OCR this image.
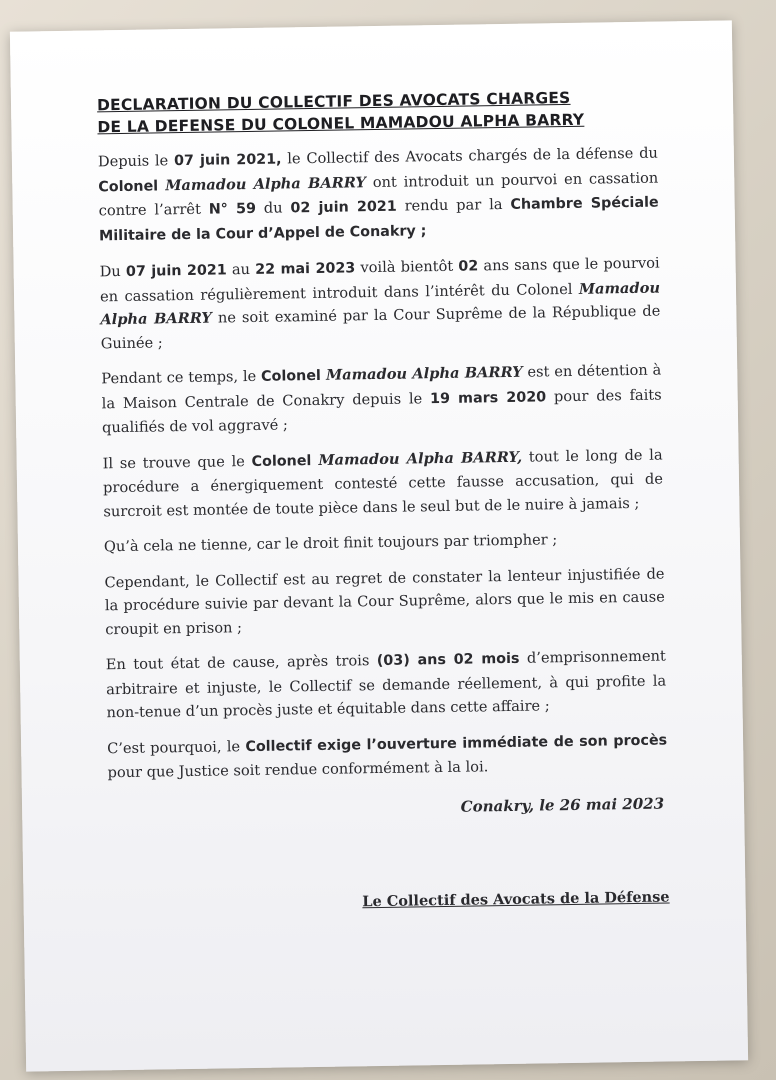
DECLARATION DU COLLECTIF DES AVOCATS CHARGES
DE LA DEFENSE DU COLONEL MAMADOU ALPHA BARRY

Depuis le 07 juin 2021, le Collectif des Avocats chargés de la défense du Colonel Mamadou Alpha BARRY ont introduit un pourvoi en cassation contre l’arrêt N° 59 du 02 juin 2021 rendu par la Chambre Spéciale Militaire de la Cour d’Appel de Conakry ;

Du 07 juin 2021 au 22 mai 2023 voilà bientôt 02 ans sans que le pourvoi en cassation régulièrement introduit dans l’intérêt du Colonel Mamadou Alpha BARRY ne soit examiné par la Cour Suprême de la République de Guinée ;

Pendant ce temps, le Colonel Mamadou Alpha BARRY est en détention à la Maison Centrale de Conakry depuis le 19 mars 2020 pour des faits qualifiés de vol aggravé ;

Il se trouve que le Colonel Mamadou Alpha BARRY, tout le long de la procédure a énergiquement contesté cette fausse accusation, qui de surcroit est montée de toute pièce dans le seul but de le nuire à jamais ;

Qu’à cela ne tienne, car le droit finit toujours par triompher ;

Cependant, le Collectif est au regret de constater la lenteur injustifiée de la procédure suivie par devant la Cour Suprême, alors que le mis en cause croupit en prison ;

En tout état de cause, après trois (03) ans 02 mois d’emprisonnement arbitraire et injuste, le Collectif se demande réellement, à qui profite la non-tenue d’un procès juste et équitable dans cette affaire ;

C’est pourquoi, le Collectif exige l’ouverture immédiate de son procès pour que Justice soit rendue conformément à la loi.

Conakry, le 26 mai 2023
Le Collectif des Avocats de la Défense
